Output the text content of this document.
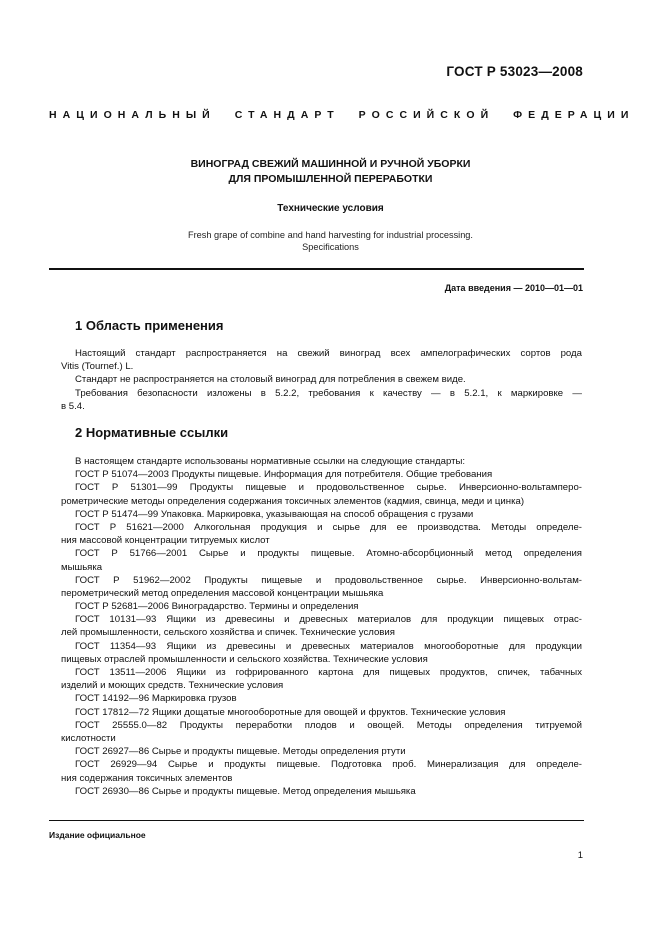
ГОСТ Р 53023—2008
НАЦИОНАЛЬНЫЙ СТАНДАРТ РОССИЙСКОЙ ФЕДЕРАЦИИ
ВИНОГРАД СВЕЖИЙ МАШИННОЙ И РУЧНОЙ УБОРКИ
ДЛЯ ПРОМЫШЛЕННОЙ ПЕРЕРАБОТКИ
Технические условия
Fresh grape of combine and hand harvesting for industrial processing.
Specifications
Дата введения — 2010—01—01
1 Область применения
Настоящий стандарт распространяется на свежий виноград всех ампелографических сортов рода
Vitis (Tournef.) L.
Стандарт не распространяется на столовый виноград для потребления в свежем виде.
Требования безопасности изложены в 5.2.2, требования к качеству — в 5.2.1, к маркировке —
в 5.4.
2 Нормативные ссылки
В настоящем стандарте использованы нормативные ссылки на следующие стандарты:
ГОСТ Р 51074—2003 Продукты пищевые. Информация для потребителя. Общие требования
ГОСТ Р 51301—99 Продукты пищевые и продовольственное сырье. Инверсионно-вольтамперо-
рометрические методы определения содержания токсичных элементов (кадмия, свинца, меди и цинка)
ГОСТ Р 51474—99 Упаковка. Маркировка, указывающая на способ обращения с грузами
ГОСТ Р 51621—2000 Алкогольная продукция и сырье для ее производства. Методы определе-
ния массовой концентрации титруемых кислот
ГОСТ Р 51766—2001 Сырье и продукты пищевые. Атомно-абсорбционный метод определения
мышьяка
ГОСТ Р 51962—2002 Продукты пищевые и продовольственное сырье. Инверсионно-вольтам-
перометрический метод определения массовой концентрации мышьяка
ГОСТ Р 52681—2006 Виноградарство. Термины и определения
ГОСТ 10131—93 Ящики из древесины и древесных материалов для продукции пищевых отрас-
лей промышленности, сельского хозяйства и спичек. Технические условия
ГОСТ 11354—93 Ящики из древесины и древесных материалов многооборотные для продукции
пищевых отраслей промышленности и сельского хозяйства. Технические условия
ГОСТ 13511—2006 Ящики из гофрированного картона для пищевых продуктов, спичек, табачных
изделий и моющих средств. Технические условия
ГОСТ 14192—96 Маркировка грузов
ГОСТ 17812—72 Ящики дощатые многооборотные для овощей и фруктов. Технические условия
ГОСТ 25555.0—82 Продукты переработки плодов и овощей. Методы определения титруемой
кислотности
ГОСТ 26927—86 Сырье и продукты пищевые. Методы определения ртути
ГОСТ 26929—94 Сырье и продукты пищевые. Подготовка проб. Минерализация для определе-
ния содержания токсичных элементов
ГОСТ 26930—86 Сырье и продукты пищевые. Метод определения мышьяка
Издание официальное
1
